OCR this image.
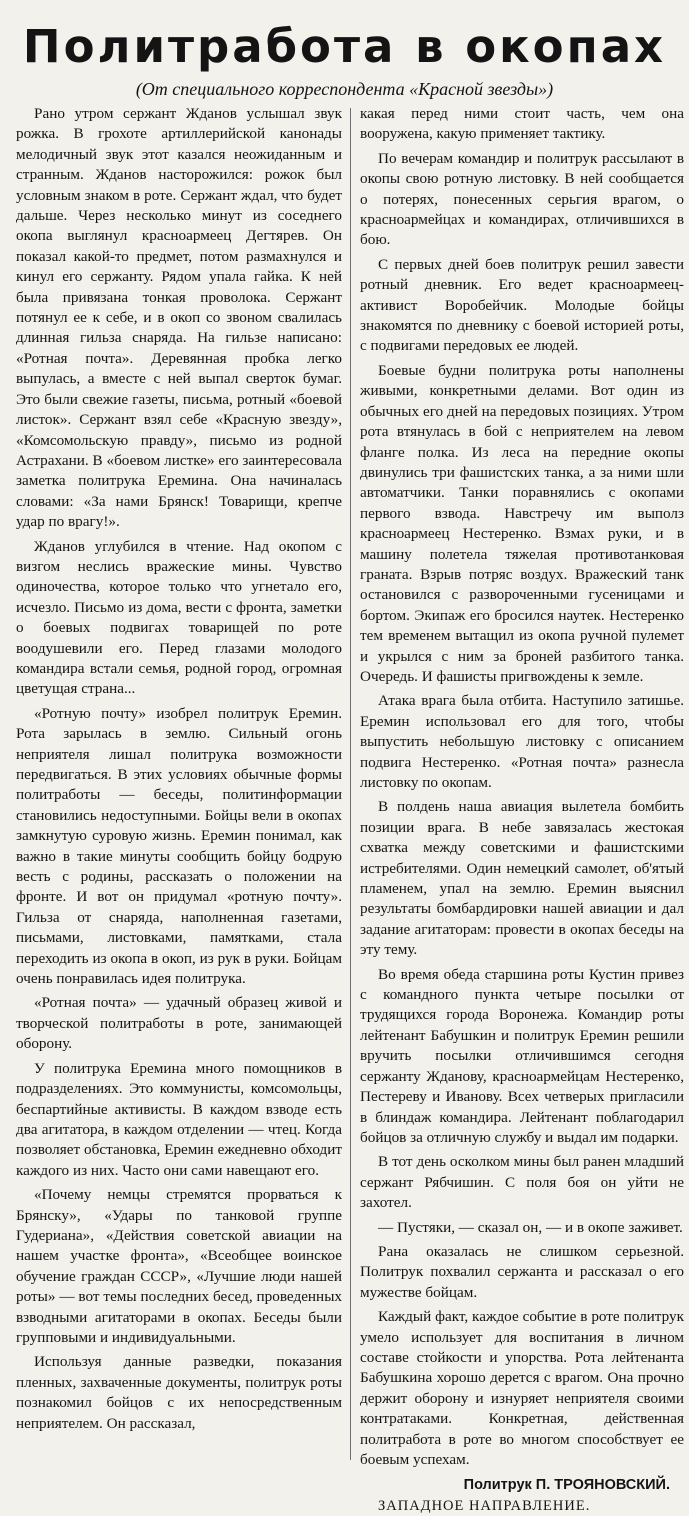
Политработа в окопах
(От специального корреспондента «Красной звезды»)

Рано утром сержант Жданов услышал звук рожка. В грохоте артиллерийской канонады мелодичный звук этот казался неожиданным и странным. Жданов насторожился: рожок был условным знаком в роте. Сержант ждал, что будет дальше. Через несколько минут из соседнего окопа выглянул красноармеец Дегтярев. Он показал какой-то предмет, потом размахнулся и кинул его сержанту. Рядом упала гайка. К ней была привязана тонкая проволока. Сержант потянул ее к себе, и в окоп со звоном свалилась длинная гильза снаряда. На гильзе написано: «Ротная почта». Деревянная пробка легко выпулась, а вместе с ней выпал сверток бумаг. Это были свежие газеты, письма, ротный «боевой листок». Сержант взял себе «Красную звезду», «Комсомольскую правду», письмо из родной Астрахани. В «боевом листке» его заинтересовала заметка политрука Еремина. Она начиналась словами: «За нами Брянск! Товарищи, крепче удар по врагу!».

Жданов углубился в чтение. Над окопом с визгом неслись вражеские мины. Чувство одиночества, которое только что угнетало его, исчезло. Письмо из дома, вести с фронта, заметки о боевых подвигах товарищей по роте воодушевили его. Перед глазами молодого командира встали семья, родной город, огромная цветущая страна...

«Ротную почту» изобрел политрук Еремин. Рота зарылась в землю. Сильный огонь неприятеля лишал политрука возможности передвигаться. В этих условиях обычные формы политработы — беседы, политинформации становились недоступными. Бойцы вели в окопах замкнутую суровую жизнь. Еремин понимал, как важно в такие минуты сообщить бойцу бодрую весть с родины, рассказать о положении на фронте. И вот он придумал «ротную почту». Гильза от снаряда, наполненная газетами, письмами, листовками, памятками, стала переходить из окопа в окоп, из рук в руки. Бойцам очень понравилась идея политрука.

«Ротная почта» — удачный образец живой и творческой политработы в роте, занимающей оборону.

У политрука Еремина много помощников в подразделениях. Это коммунисты, комсомольцы, беспартийные активисты. В каждом взводе есть два агитатора, в каждом отделении — чтец. Когда позволяет обстановка, Еремин ежедневно обходит каждого из них. Часто они сами навещают его.

«Почему немцы стремятся прорваться к Брянску», «Удары по танковой группе Гудериана», «Действия советской авиации на нашем участке фронта», «Всеобщее воинское обучение граждан СССР», «Лучшие люди нашей роты» — вот темы последних бесед, проведенных взводными агитаторами в окопах. Беседы были групповыми и индивидуальными.

Используя данные разведки, показания пленных, захваченные документы, политрук роты познакомил бойцов с их непосредственным неприятелем. Он рассказал,

какая перед ними стоит часть, чем она вооружена, какую применяет тактику.

По вечерам командир и политрук рассылают в окопы свою ротную листовку. В ней сообщается о потерях, понесенных серьгия врагом, о красноармейцах и командирах, отличившихся в бою.

С первых дней боев политрук решил завести ротный дневник. Его ведет красноармеец-активист Воробейчик. Молодые бойцы знакомятся по дневнику с боевой историей роты, с подвигами передовых ее людей.

Боевые будни политрука роты наполнены живыми, конкретными делами. Вот один из обычных его дней на передовых позициях. Утром рота втянулась в бой с неприятелем на левом фланге полка. Из леса на передние окопы двинулись три фашистских танка, а за ними шли автоматчики. Танки поравнялись с окопами первого взвода. Навстречу им выполз красноармеец Нестеренко. Взмах руки, и в машину полетела тяжелая противотанковая граната. Взрыв потряс воздух. Вражеский танк остановился с развороченными гусеницами и бортом. Экипаж его бросился наутек. Нестеренко тем временем вытащил из окопа ручной пулемет и укрылся с ним за броней разбитого танка. Очередь. И фашисты пригвождены к земле.

Атака врага была отбита. Наступило затишье. Еремин использовал его для того, чтобы выпустить небольшую листовку с описанием подвига Нестеренко. «Ротная почта» разнесла листовку по окопам.

В полдень наша авиация вылетела бомбить позиции врага. В небе завязалась жестокая схватка между советскими и фашистскими истребителями. Один немецкий самолет, об'ятый пламенем, упал на землю. Еремин выяснил результаты бомбардировки нашей авиации и дал задание агитаторам: провести в окопах беседы на эту тему.

Во время обеда старшина роты Кустин привез с командного пункта четыре посылки от трудящихся города Воронежа. Командир роты лейтенант Бабушкин и политрук Еремин решили вручить посылки отличившимся сегодня сержанту Жданову, красноармейцам Нестеренко, Пестереву и Иванову. Всех четверых пригласили в блиндаж командира. Лейтенант поблагодарил бойцов за отличную службу и выдал им подарки.

В тот день осколком мины был ранен младший сержант Рябчишин. С поля боя он уйти не захотел.

— Пустяки, — сказал он, — и в окопе заживет.

Рана оказалась не слишком серьезной. Политрук похвалил сержанта и рассказал о его мужестве бойцам.

Каждый факт, каждое событие в роте политрук умело использует для воспитания в личном составе стойкости и упорства. Рота лейтенанта Бабушкина хорошо дерется с врагом. Она прочно держит оборону и изнуряет неприятеля своими контратаками. Конкретная, действенная политработа в роте во многом способствует ее боевым успехам.

Политрук П. ТРОЯНОВСКИЙ.

ЗАПАДНОЕ НАПРАВЛЕНИЕ.
